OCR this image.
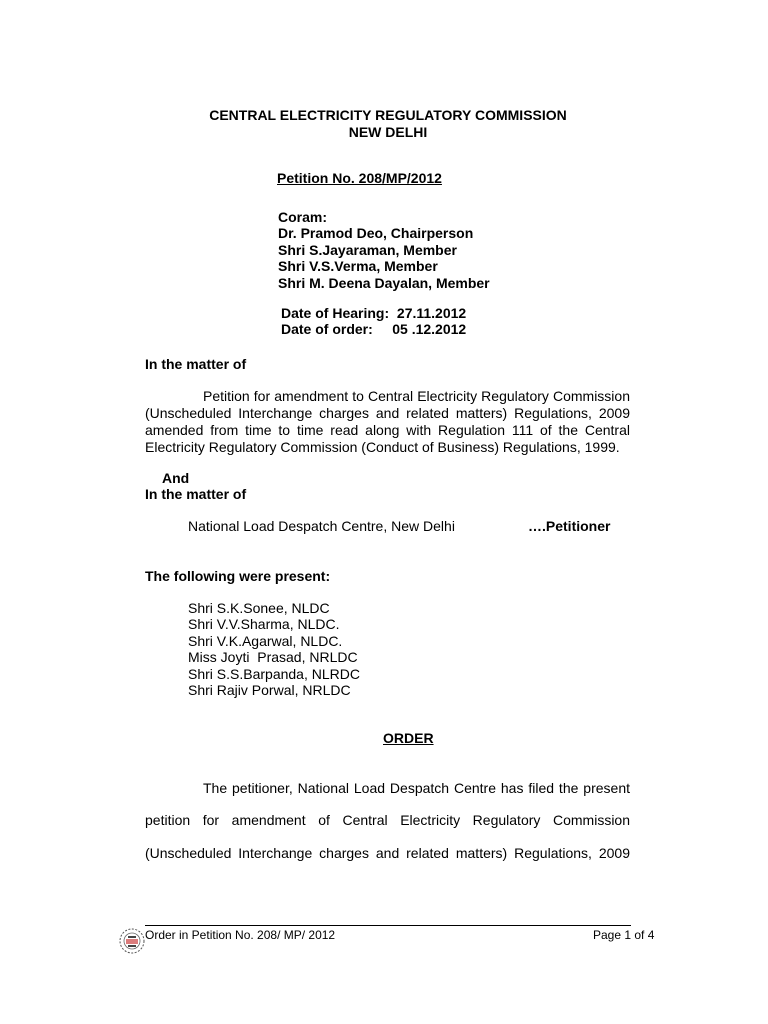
CENTRAL ELECTRICITY REGULATORY COMMISSION
NEW DELHI
Petition No. 208/MP/2012
Coram:
Dr. Pramod Deo, Chairperson
Shri S.Jayaraman, Member
Shri V.S.Verma, Member
Shri M. Deena Dayalan, Member
Date of Hearing:  27.11.2012
Date of order:     05 .12.2012
In the matter of
Petition for amendment to Central Electricity Regulatory Commission
(Unscheduled Interchange charges and related matters) Regulations, 2009
amended from time to time read along with Regulation 111 of the Central
Electricity Regulatory Commission (Conduct of Business) Regulations, 1999.
And
In the matter of
National Load Despatch Centre, New Delhi	….Petitioner
The following were present:
Shri S.K.Sonee, NLDC
Shri V.V.Sharma, NLDC.
Shri V.K.Agarwal, NLDC.
Miss Joyti  Prasad, NRLDC
Shri S.S.Barpanda, NLRDC
Shri Rajiv Porwal, NRLDC
ORDER
The petitioner, National Load Despatch Centre has filed the present
petition for amendment of Central Electricity Regulatory Commission
(Unscheduled Interchange charges and related matters) Regulations, 2009
Order in Petition No. 208/ MP/ 2012	Page 1 of 4
